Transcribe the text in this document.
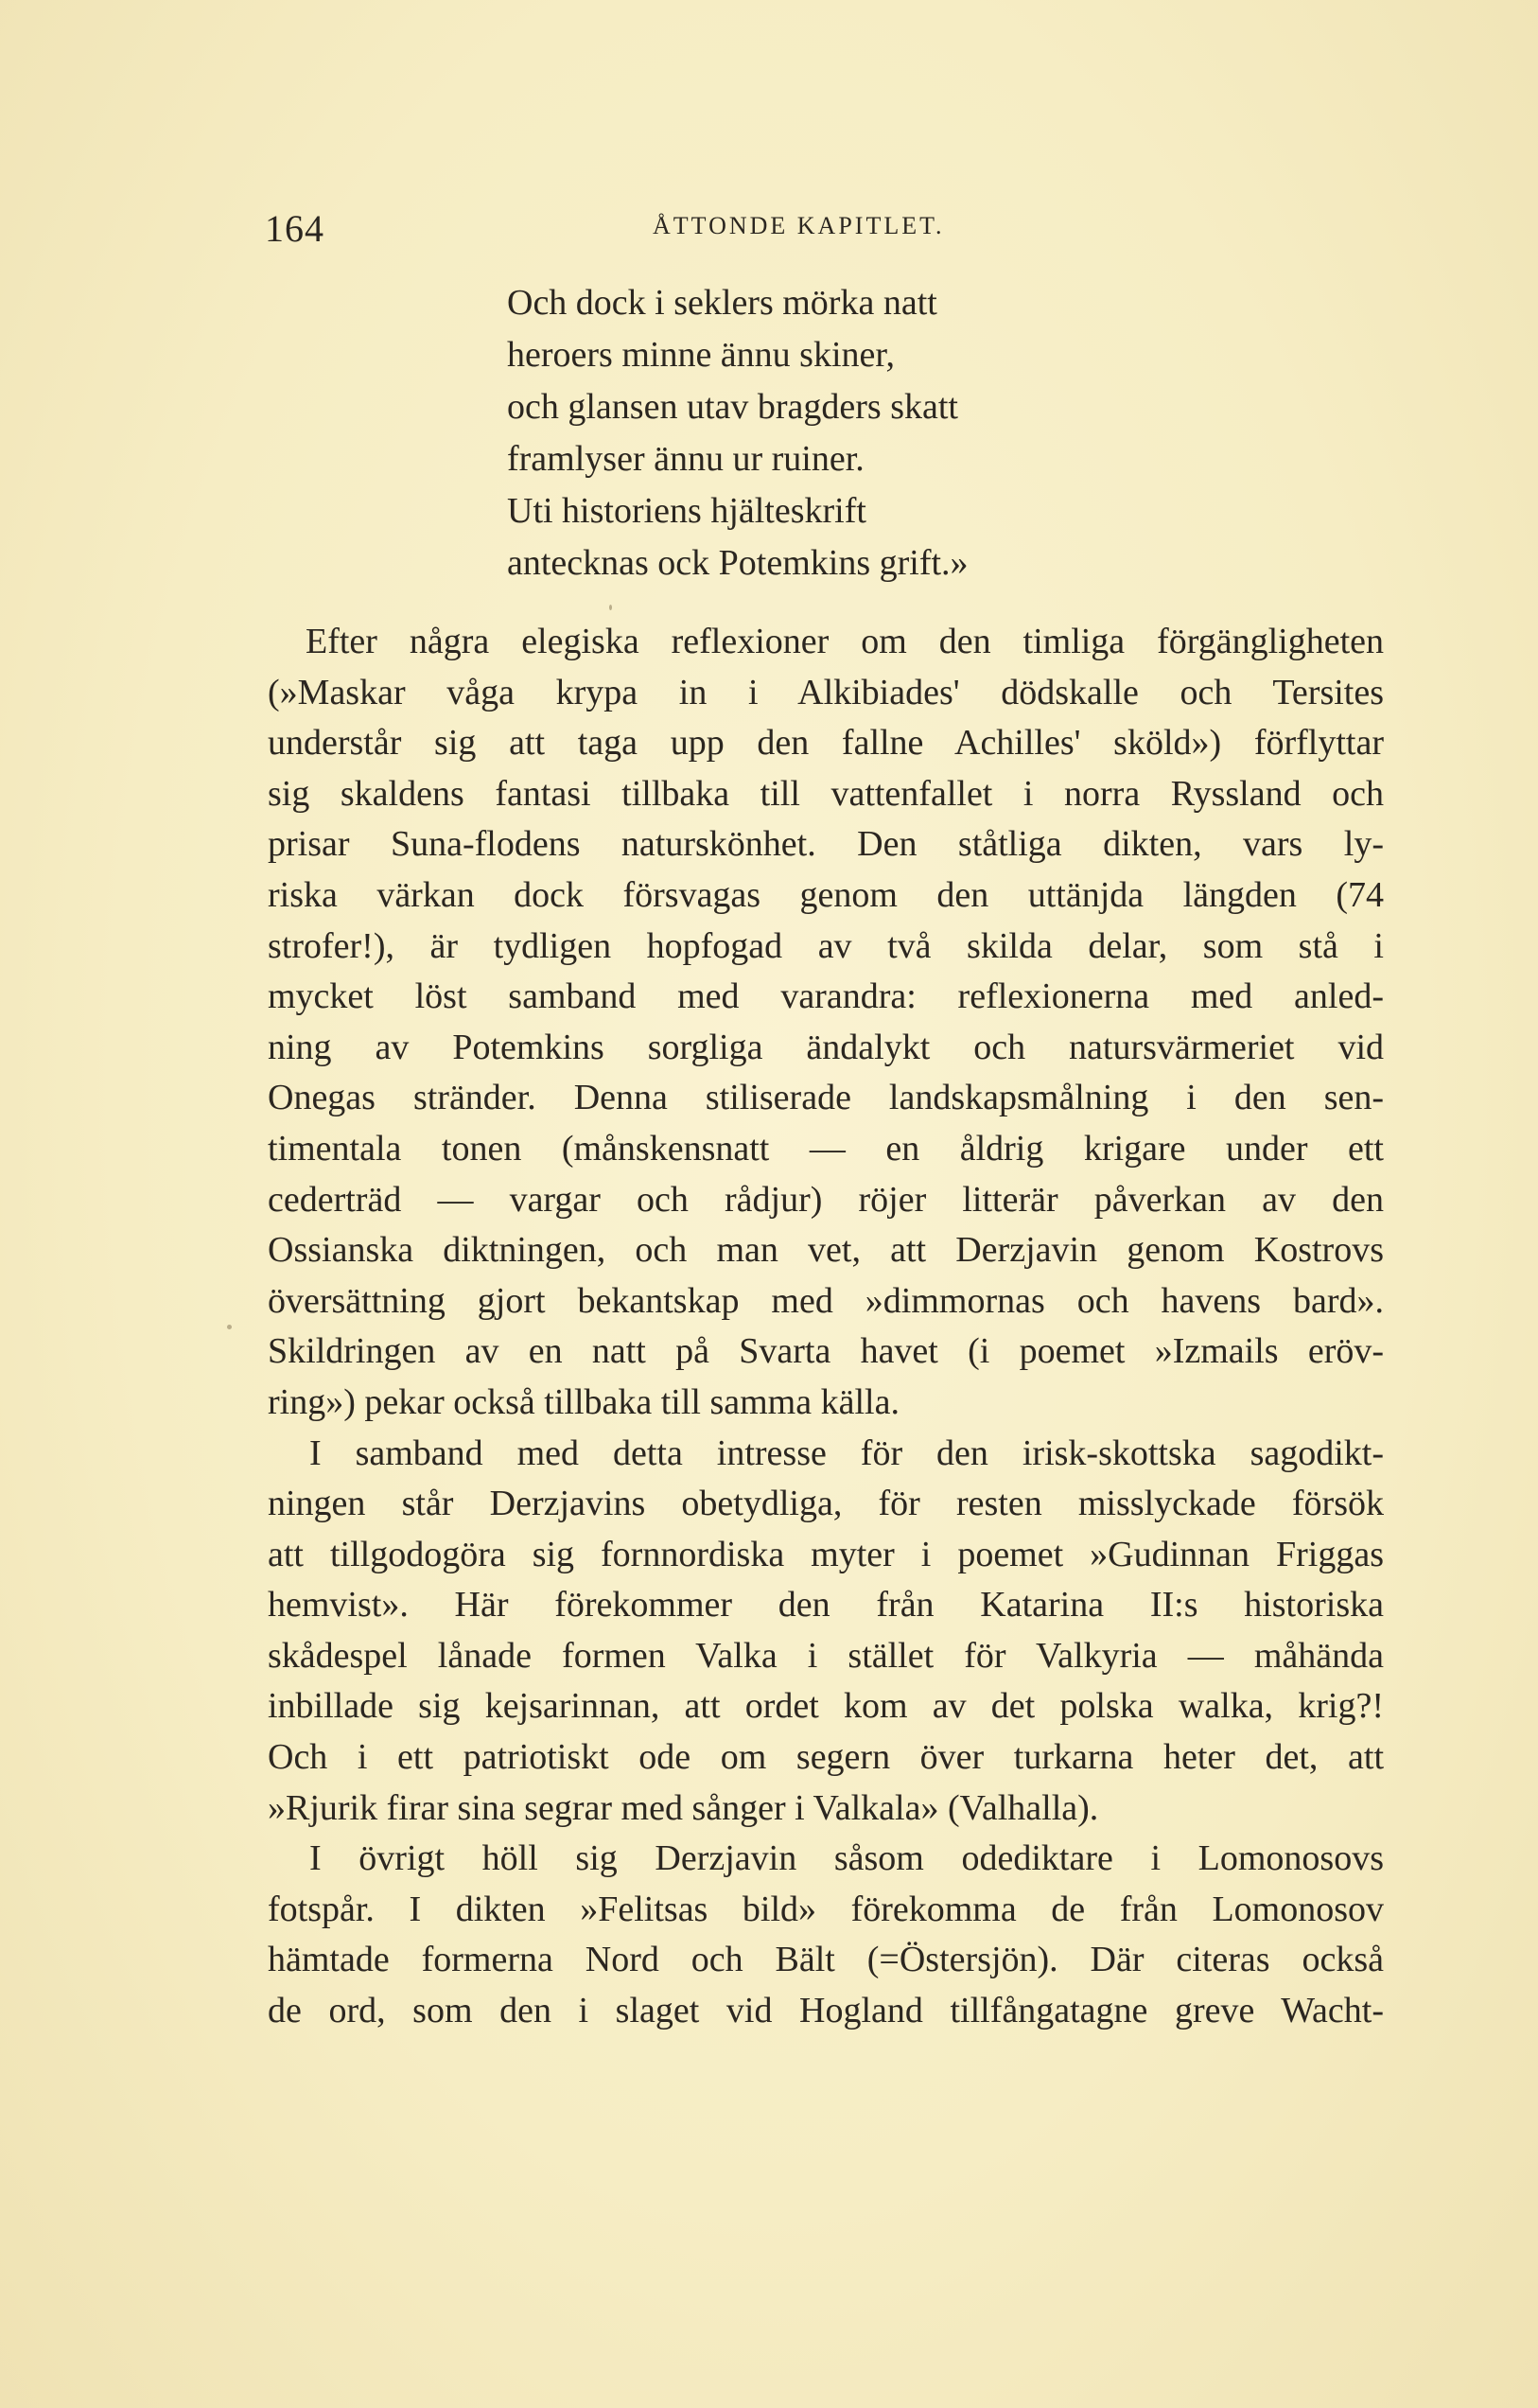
164	ÅTTONDE KAPITLET.
Och dock i seklers mörka natt
heroers minne ännu skiner,
och glansen utav bragders skatt
framlyser ännu ur ruiner.
Uti historiens hjälteskrift
antecknas ock Potemkins grift.»
Efter några elegiska reflexioner om den timliga förgängligheten
(»Maskar våga krypa in i Alkibiades' dödskalle och Tersites
understår sig att taga upp den fallne Achilles' sköld») förflyttar
sig skaldens fantasi tillbaka till vattenfallet i norra Ryssland och
prisar Suna-flodens naturskönhet. Den ståtliga dikten, vars ly-
riska värkan dock försvagas genom den uttänjda längden (74
strofer!), är tydligen hopfogad av två skilda delar, som stå i
mycket löst samband med varandra: reflexionerna med anled-
ning av Potemkins sorgliga ändalykt och natursvärmeriet vid
Onegas stränder. Denna stiliserade landskapsmålning i den sen-
timentala tonen (månskensnatt — en åldrig krigare under ett
cederträd — vargar och rådjur) röjer litterär påverkan av den
Ossianska diktningen, och man vet, att Derzjavin genom Kostrovs
översättning gjort bekantskap med »dimmornas och havens bard».
Skildringen av en natt på Svarta havet (i poemet »Izmails eröv-
ring») pekar också tillbaka till samma källa.
I samband med detta intresse för den irisk-skottska sagodikt-
ningen står Derzjavins obetydliga, för resten misslyckade försök
att tillgodogöra sig fornnordiska myter i poemet »Gudinnan Friggas
hemvist». Här förekommer den från Katarina II:s historiska
skådespel lånade formen Valka i stället för Valkyria — måhända
inbillade sig kejsarinnan, att ordet kom av det polska walka, krig?!
Och i ett patriotiskt ode om segern över turkarna heter det, att
»Rjurik firar sina segrar med sånger i Valkala» (Valhalla).
I övrigt höll sig Derzjavin såsom odediktare i Lomonosovs
fotspår. I dikten »Felitsas bild» förekomma de från Lomonosov
hämtade formerna Nord och Bält (=Östersjön). Där citeras också
de ord, som den i slaget vid Hogland tillfångatagne greve Wacht-
